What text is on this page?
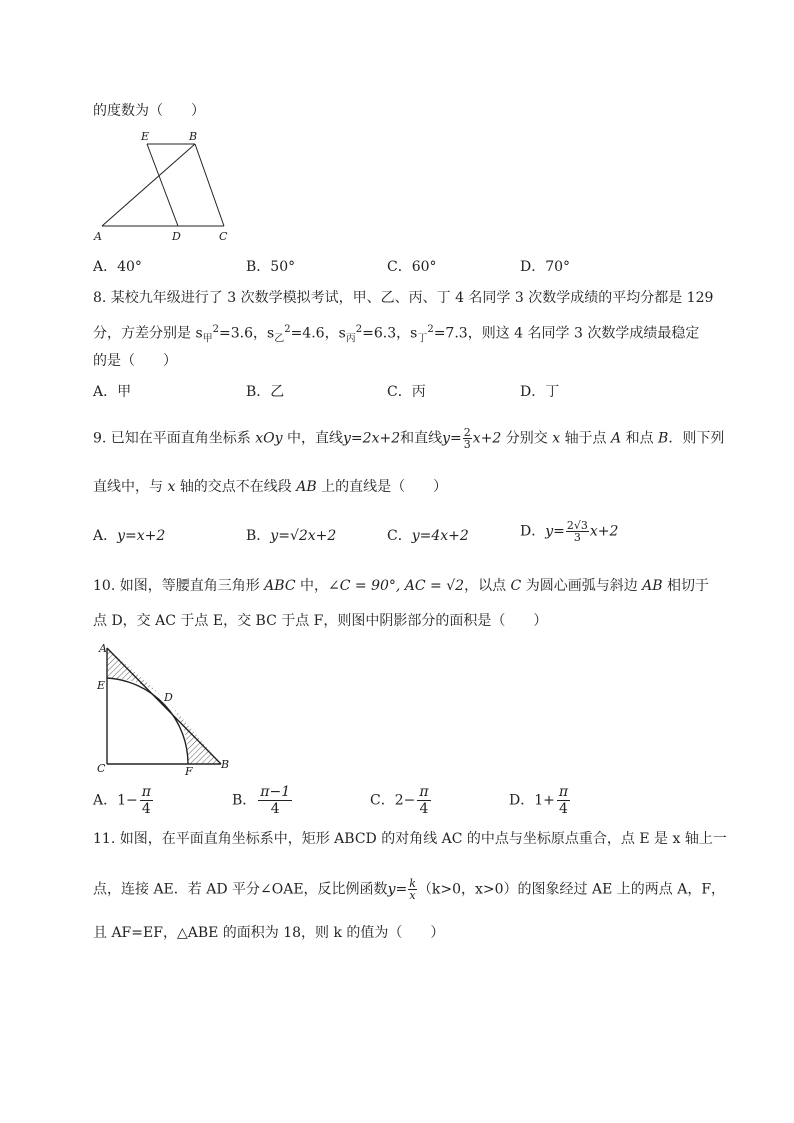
的度数为（　　）
E	B
A	D	C
A．40°	B．50°	C．60°	D．70°
8. 某校九年级进行了 3 次数学模拟考试，甲、乙、丙、丁 4 名同学 3 次数学成绩的平均分都是 129
分，方差分别是 $s_甲^2=3.6$，$s_乙^2=4.6$，$s_丙^2=6.3$，$s_丁^2=7.3$，则这 4 名同学 3 次数学成绩最稳定
的是（　　）
A．甲	B．乙	C．丙	D．丁
9. 已知在平面直角坐标系 xOy 中，直线y=2x+2和直线$y= \frac{2}{3} x+2$ 分别交 x 轴于点 A 和点 B．则下列
直线中，与 x 轴的交点不在线段 AB 上的直线是（　　）
A．y=x+2	B．y=√2x+2	C．y=4x+2	D．$y= \frac{2√3}{3} x+2$
10. 如图，等腰直角三角形 ABC 中，∠C = 90°, AC = √2，以点 C 为圆心画弧与斜边 AB 相切于
点 D，交 AC 于点 E，交 BC 于点 F，则图中阴影部分的面积是（　　）
A
E
D
C	F
B
A．$1- \frac{\pi}{4}$	B． $\frac{\pi-1}{4}$	C．$2- \frac{\pi}{4}$	D．$1+ \frac{\pi}{4}$
11. 如图，在平面直角坐标系中，矩形 ABCD 的对角线 AC 的中点与坐标原点重合，点 E 是 x 轴上一
点，连接 AE．若 AD 平分∠OAE，反比例函数$y= \frac{k}{x} (k>0$，x>0）的图象经过 AE 上的两点 A，F，
且 AF=EF，△ABE 的面积为 18，则 k 的值为（　　）
